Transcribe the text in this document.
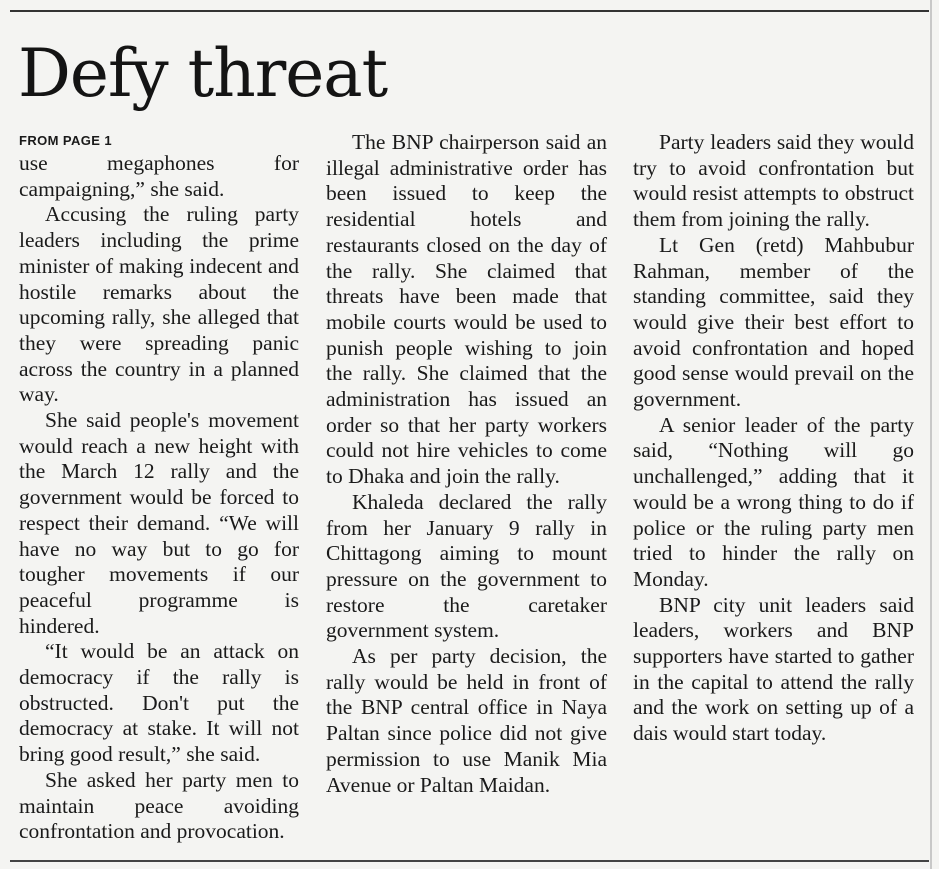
Defy threat
FROM PAGE 1

use megaphones for campaigning,” she said.

Accusing the ruling party leaders including the prime minister of making indecent and hostile remarks about the upcoming rally, she alleged that they were spreading panic across the country in a planned way.

She said people's movement would reach a new height with the March 12 rally and the government would be forced to respect their demand. “We will have no way but to go for tougher movements if our peaceful programme is hindered.

“It would be an attack on democracy if the rally is obstructed. Don't put the democracy at stake. It will not bring good result,” she said.

She asked her party men to maintain peace avoiding confrontation and provocation.

The BNP chairperson said an illegal administrative order has been issued to keep the residential hotels and restaurants closed on the day of the rally. She claimed that threats have been made that mobile courts would be used to punish people wishing to join the rally. She claimed that the administration has issued an order so that her party workers could not hire vehicles to come to Dhaka and join the rally.

Khaleda declared the rally from her January 9 rally in Chittagong aiming to mount pressure on the government to restore the caretaker government system.

As per party decision, the rally would be held in front of the BNP central office in Naya Paltan since police did not give permission to use Manik Mia Avenue or Paltan Maidan.

Party leaders said they would try to avoid confrontation but would resist attempts to obstruct them from joining the rally.

Lt Gen (retd) Mahbubur Rahman, member of the standing committee, said they would give their best effort to avoid confrontation and hoped good sense would prevail on the government.

A senior leader of the party said, “Nothing will go unchallenged,” adding that it would be a wrong thing to do if police or the ruling party men tried to hinder the rally on Monday.

BNP city unit leaders said leaders, workers and BNP supporters have started to gather in the capital to attend the rally and the work on setting up of a dais would start today.
